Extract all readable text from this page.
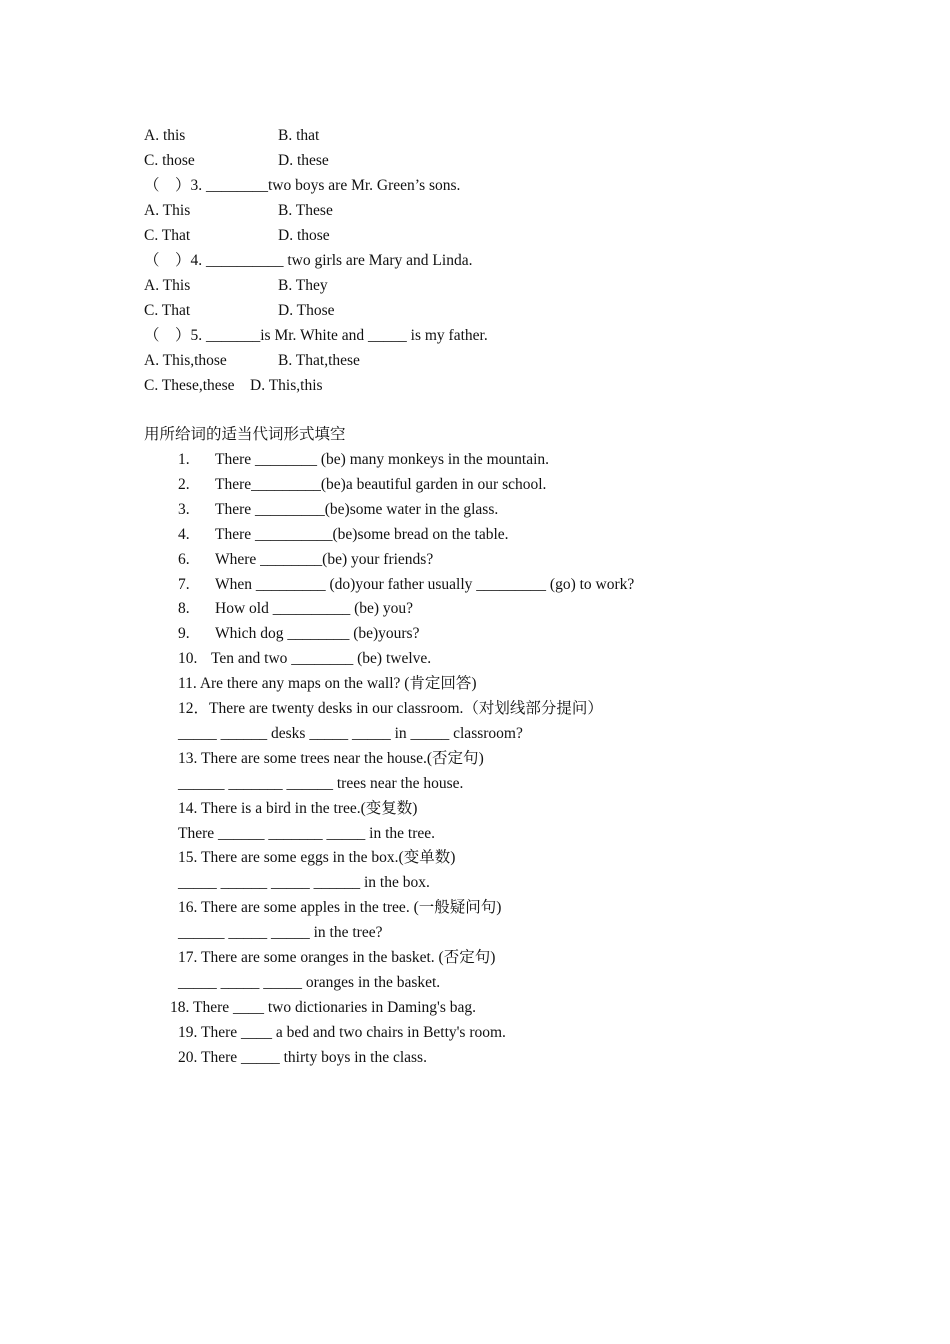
A. this	B. that
C. those	D. these
（　）3. ________two boys are Mr. Green’s sons.
A. This	B. These
C. That	D. those
（　）4. __________ two girls are Mary and Linda.
A. This	B. They
C. That	D. Those
（　）5. _______is Mr. White and _____ is my father.
A. This,those	B. That,these
C. These,these　D. This,this
用所给词的适当代词形式填空
1. There ________ (be) many monkeys in the mountain.
2. There_________(be)a beautiful garden in our school.
3. There _________(be)some water in the glass.
4. There __________(be)some bread on the table.
6. Where ________(be) your friends?
7. When _________ (do)your father usually _________ (go) to work?
8. How old __________ (be) you?
9. Which dog ________ (be)yours?
10. Ten and two ________ (be) twelve.
11. Are there any maps on the wall? (肯定回答)
12．There are twenty desks in our classroom.（对划线部分提问）
_____ ______ desks _____ _____ in _____ classroom?
13. There are some trees near the house.(否定句)
______ _______ ______ trees near the house.
14. There is a bird in the tree.(变复数)
There ______ _______ _____ in the tree.
15. There are some eggs in the box.(变单数)
_____ ______ _____ ______ in the box.
16. There are some apples in the tree. (一般疑问句)
______ _____ _____ in the tree?
17. There are some oranges in the basket. (否定句)
_____ _____ _____ oranges in the basket.
18. There ____ two dictionaries in Daming's bag.
19. There ____ a bed and two chairs in Betty's room.
20. There _____ thirty boys in the class.
